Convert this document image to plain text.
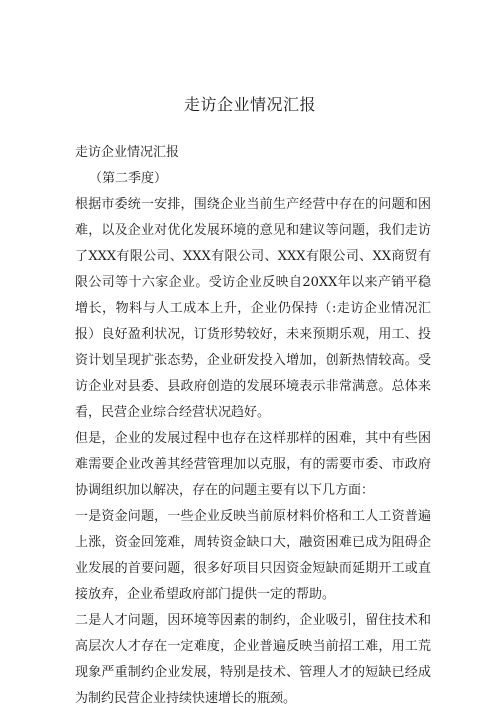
走访企业情况汇报

走访企业情况汇报

（第二季度）

根据市委统一安排，围绕企业当前生产经营中存在的问题和困难，以及企业对优化发展环境的意见和建议等问题，我们走访了XXX有限公司、XXX有限公司、XXX有限公司、XX商贸有限公司等十六家企业。受访企业反映自20XX年以来产销平稳增长，物料与人工成本上升，企业仍保持（:走访企业情况汇报）良好盈利状况，订货形势较好，未来预期乐观，用工、投资计划呈现扩张态势，企业研发投入增加，创新热情较高。受访企业对县委、县政府创造的发展环境表示非常满意。总体来看，民营企业综合经营状况趋好。

但是，企业的发展过程中也存在这样那样的困难，其中有些困难需要企业改善其经营管理加以克服，有的需要市委、市政府协调组织加以解决，存在的问题主要有以下几方面：

一是资金问题，一些企业反映当前原材料价格和工人工资普遍上涨，资金回笼难，周转资金缺口大，融资困难已成为阻碍企业发展的首要问题，很多好项目只因资金短缺而延期开工或直接放弃，企业希望政府部门提供一定的帮助。

二是人才问题，因环境等因素的制约，企业吸引，留住技术和高层次人才存在一定难度，企业普遍反映当前招工难，用工荒现象严重制约企业发展，特别是技术、管理人才的短缺已经成为制约民营企业持续快速增长的瓶颈。
